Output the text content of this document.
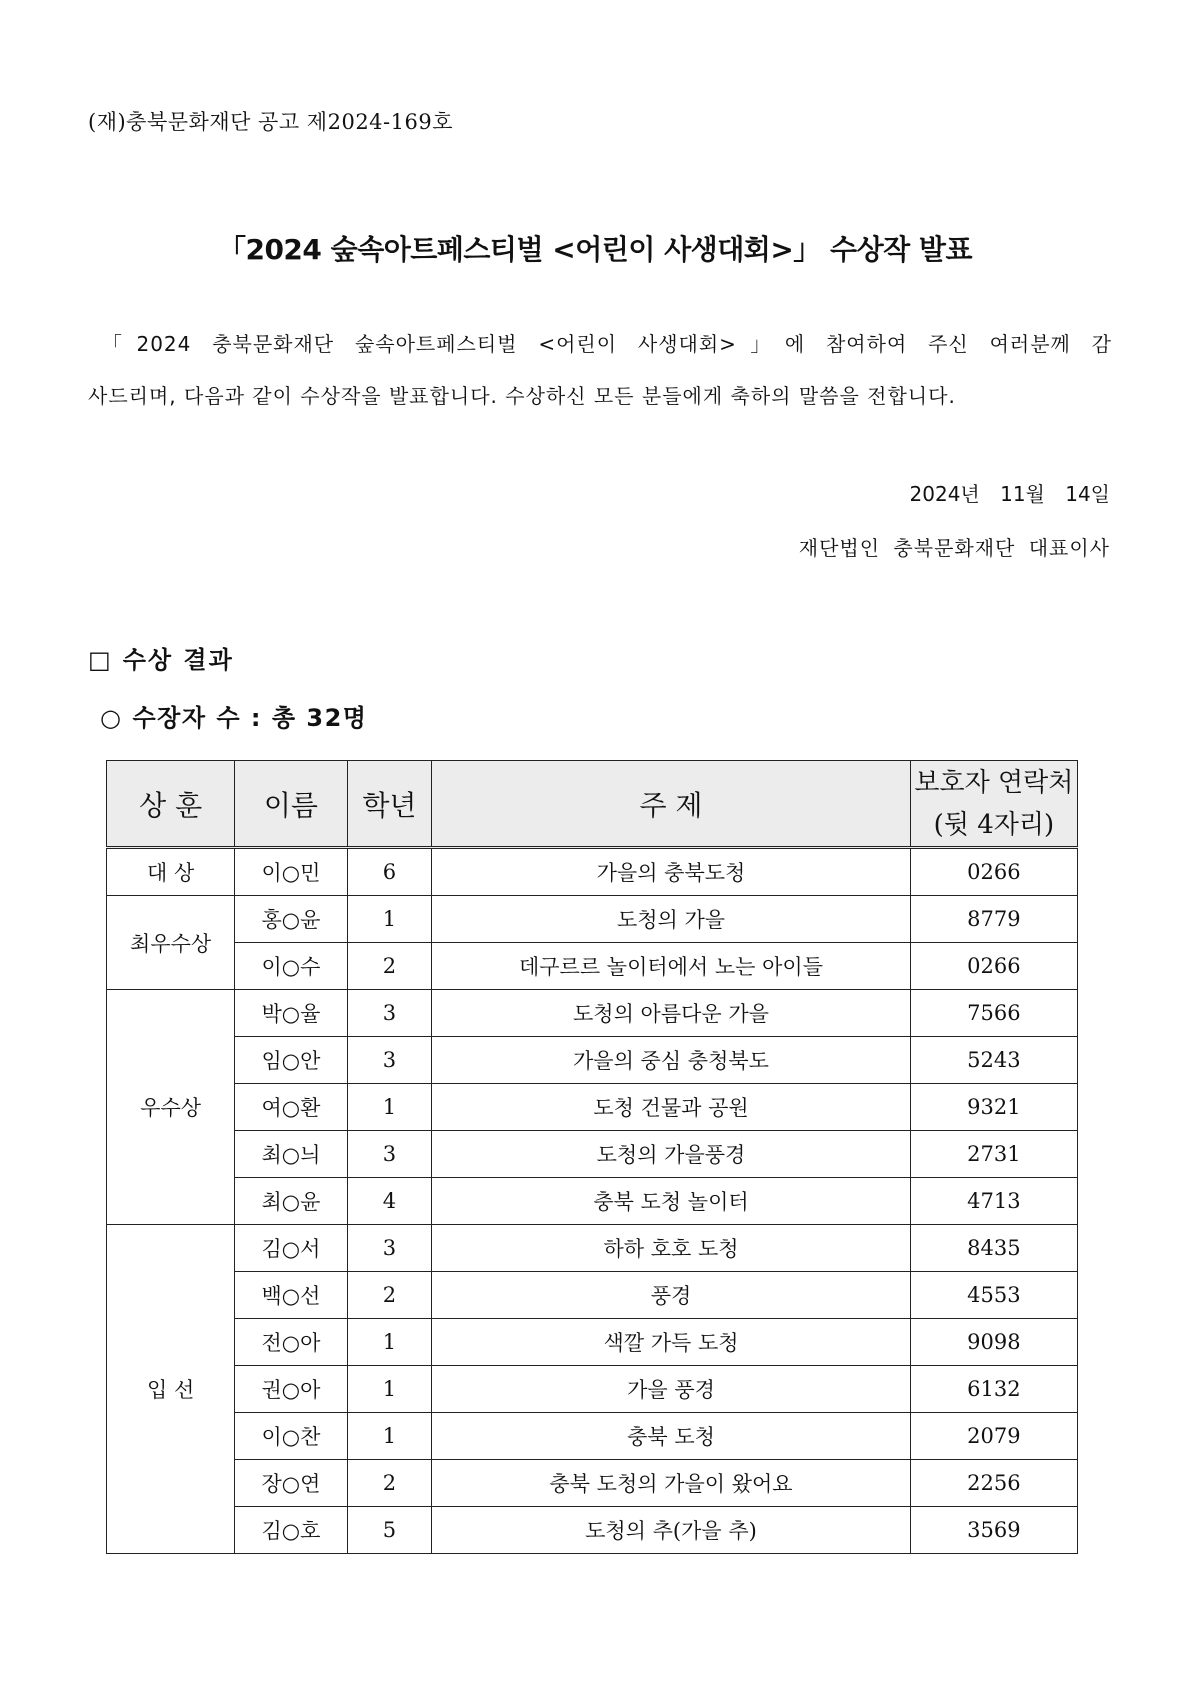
(재)충북문화재단 공고 제2024-169호
「2024 숲속아트페스티벌 <어린이 사생대회>」 수상작 발표
「2024 충북문화재단 숲속아트페스티벌 <어린이 사생대회>」에 참여하여 주신 여러분께 감
사드리며, 다음과 같이 수상작을 발표합니다. 수상하신 모든 분들에게 축하의 말씀을 전합니다.
2024년 11월 14일
재단법인 충북문화재단 대표이사
□ 수상 결과
○ 수장자 수 : 총 32명
상 훈	이름	학년	주 제	보호자 연락처
(뒷 4자리)

대 상	이○민	6	가을의 충북도청	0266
최우수상	홍○윤	1	도청의 가을	8779
	이○수	2	데구르르 놀이터에서 노는 아이들	0266
우수상	박○율	3	도청의 아름다운 가을	7566
	임○안	3	가을의 중심 충청북도	5243
	여○환	1	도청 건물과 공원	9321
	최○늬	3	도청의 가을풍경	2731
	최○윤	4	충북 도청 놀이터	4713
입 선	김○서	3	하하 호호 도청	8435
	백○선	2	풍경	4553
	전○아	1	색깔 가득 도청	9098
	권○아	1	가을 풍경	6132
	이○찬	1	충북 도청	2079
	장○연	2	충북 도청의 가을이 왔어요	2256
	김○호	5	도청의 추(가을 추)	3569
